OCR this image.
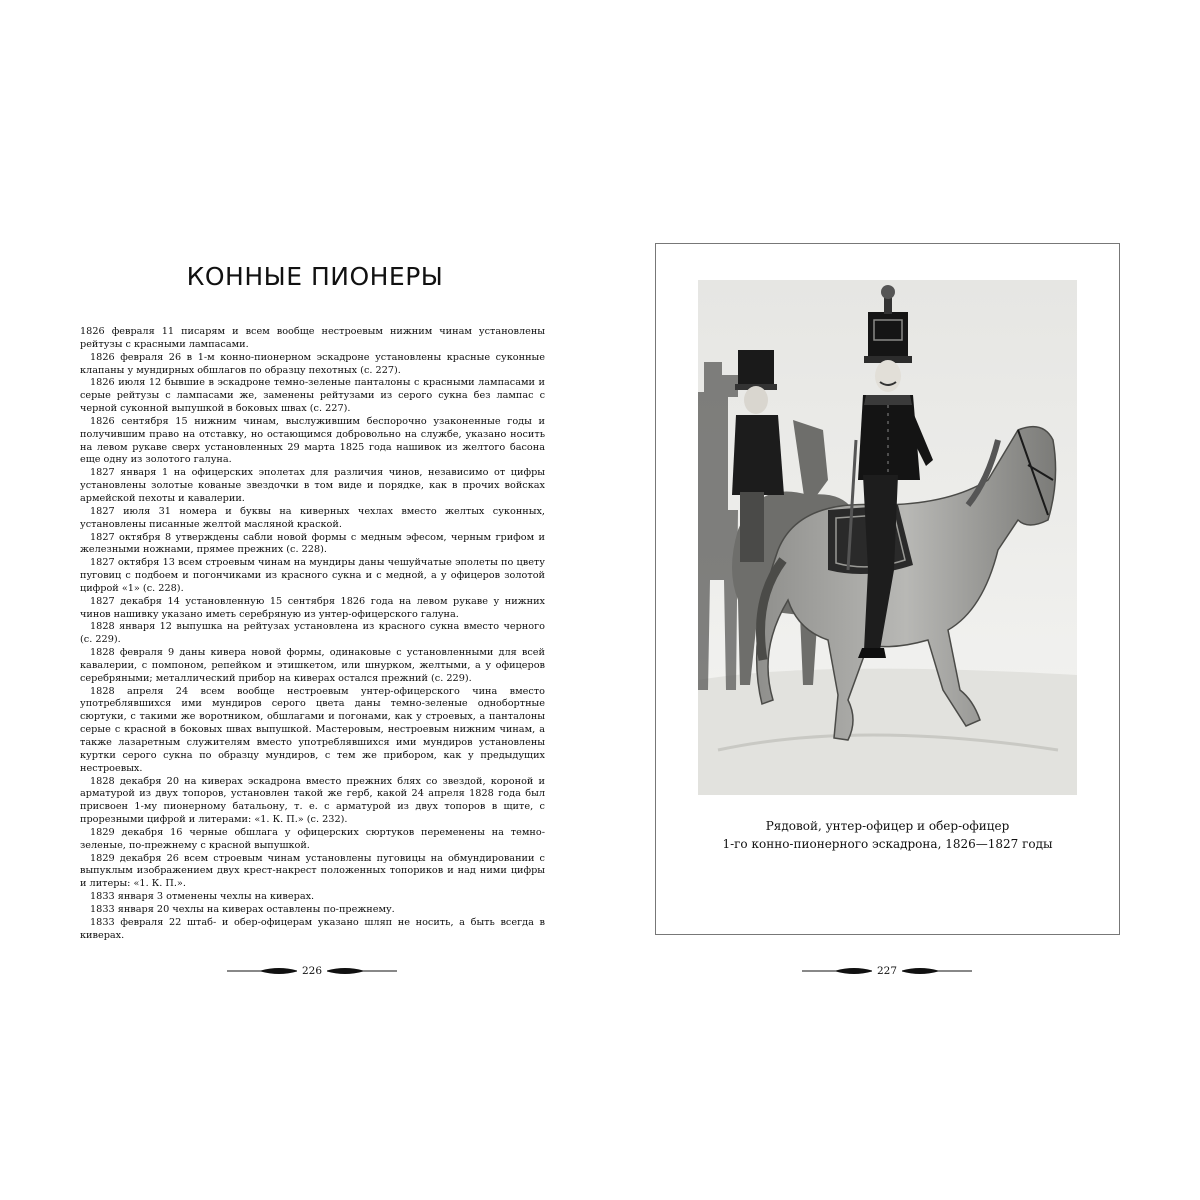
КОННЫЕ ПИОНЕРЫ

1826 февраля 11 писарям и всем вообще нестроевым нижним чинам установлены рейтузы с красными лампасами.

1826 февраля 26 в 1-м конно-пионерном эскадроне установлены красные суконные клапаны у мундирных обшлагов по образцу пехотных (с. 227).

1826 июля 12 бывшие в эскадроне темно-зеленые панталоны с красными лампасами и серые рейтузы с лампасами же, заменены рейтузами из серого сукна без лампас с черной суконной выпушкой в боковых швах (с. 227).

1826 сентября 15 нижним чинам, выслужившим беспорочно узаконенные годы и получившим право на отставку, но остающимся добровольно на службе, указано носить на левом рукаве сверх установленных 29 марта 1825 года нашивок из желтого басона еще одну из золотого галуна.

1827 января 1 на офицерских эполетах для различия чинов, независимо от цифры установлены золотые кованые звездочки в том виде и порядке, как в прочих войсках армейской пехоты и кавалерии.

1827 июля 31 номера и буквы на киверных чехлах вместо желтых суконных, установлены писанные желтой масляной краской.

1827 октября 8 утверждены сабли новой формы с медным эфесом, черным грифом и железными ножнами, прямее прежних (с. 228).

1827 октября 13 всем строевым чинам на мундиры даны чешуйчатые эполеты по цвету пуговиц с подбоем и погончиками из красного сукна и с медной, а у офицеров золотой цифрой «1» (с. 228).

1827 декабря 14 установленную 15 сентября 1826 года на левом рукаве у нижних чинов нашивку указано иметь серебряную из унтер-офицерского галуна.

1828 января 12 выпушка на рейтузах установлена из красного сукна вместо черного (с. 229).

1828 февраля 9 даны кивера новой формы, одинаковые с установленными для всей кавалерии, с помпоном, репейком и этишкетом, или шнурком, желтыми, а у офицеров серебряными; металлический прибор на киверах остался прежний (с. 229).

1828 апреля 24 всем вообще нестроевым унтер-офицерского чина вместо употреблявшихся ими мундиров серого цвета даны темно-зеленые однобортные сюртуки, с такими же воротником, обшлагами и погонами, как у строевых, а панталоны серые с красной в боковых швах выпушкой. Мастеровым, нестроевым нижним чинам, а также лазаретным служителям вместо употреблявшихся ими мундиров установлены куртки серого сукна по образцу мундиров, с тем же прибором, как у предыдущих нестроевых.

1828 декабря 20 на киверах эскадрона вместо прежних блях со звездой, короной и арматурой из двух топоров, установлен такой же герб, какой 24 апреля 1828 года был присвоен 1-му пионерному батальону, т. е. с арматурой из двух топоров в щите, с прорезными цифрой и литерами: «1. К. П.» (с. 232).

1829 декабря 16 черные обшлага у офицерских сюртуков переменены на темно-зеленые, по-прежнему с красной выпушкой.

1829 декабря 26 всем строевым чинам установлены пуговицы на обмундировании с выпуклым изображением двух крест-накрест положенных топориков и над ними цифры и литеры: «1. К. П.».

1833 января 3 отменены чехлы на киверах.

1833 января 20 чехлы на киверах оставлены по-прежнему.

1833 февраля 22 штаб- и обер-офицерам указано шляп не носить, а быть всегда в киверах.

226
Рядовой, унтер-офицер и обер-офицер
1-го конно-пионерного эскадрона, 1826—1827 годы
227
